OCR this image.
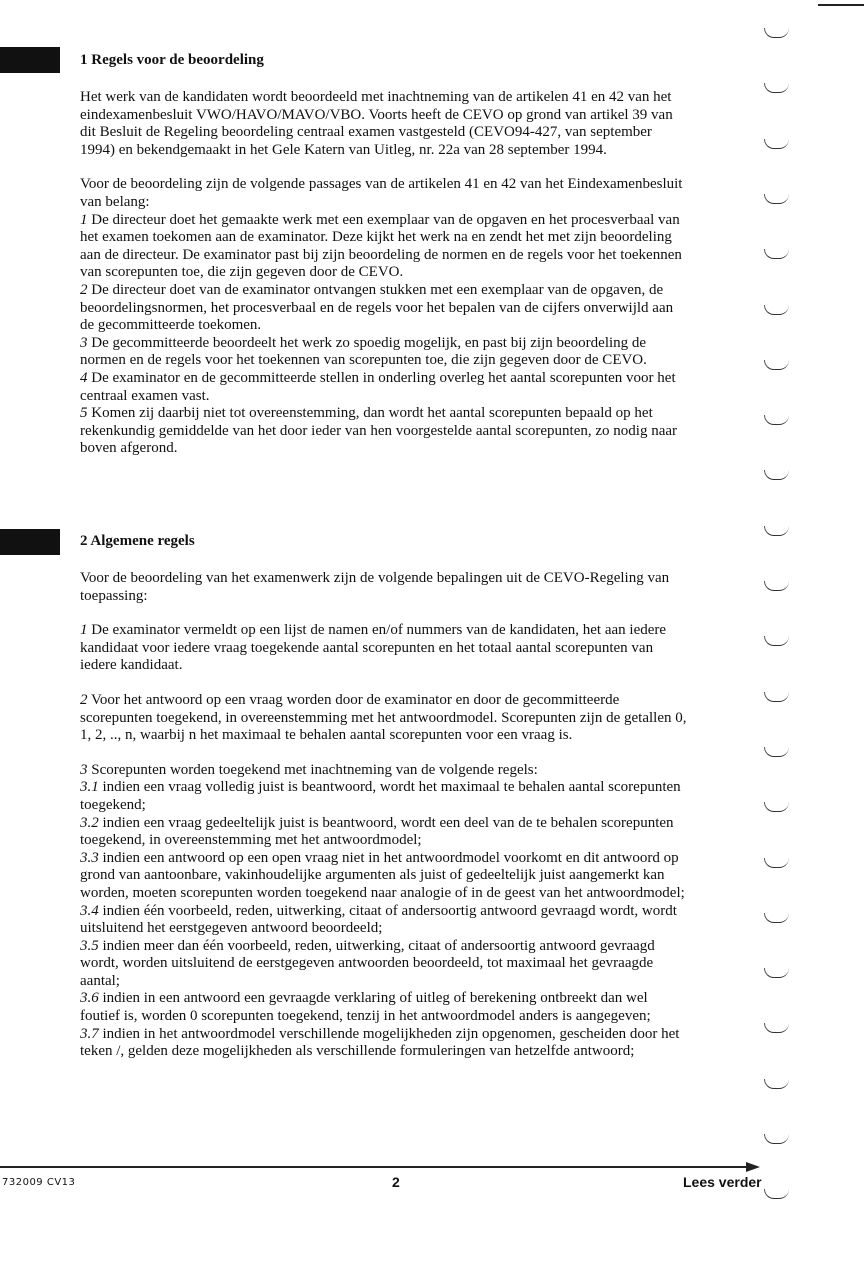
1 Regels voor de beoordeling

Het werk van de kandidaten wordt beoordeeld met inachtneming van de artikelen 41 en 42 van het eindexamenbesluit VWO/HAVO/MAVO/VBO. Voorts heeft de CEVO op grond van artikel 39 van dit Besluit de Regeling beoordeling centraal examen vastgesteld (CEVO94-427, van september 1994) en bekendgemaakt in het Gele Katern van Uitleg, nr. 22a van 28 september 1994.

Voor de beoordeling zijn de volgende passages van de artikelen 41 en 42 van het Eindexamenbesluit van belang:

1 De directeur doet het gemaakte werk met een exemplaar van de opgaven en het procesverbaal van het examen toekomen aan de examinator. Deze kijkt het werk na en zendt het met zijn beoordeling aan de directeur. De examinator past bij zijn beoordeling de normen en de regels voor het toekennen van scorepunten toe, die zijn gegeven door de CEVO.

2 De directeur doet van de examinator ontvangen stukken met een exemplaar van de opgaven, de beoordelingsnormen, het procesverbaal en de regels voor het bepalen van de cijfers onverwijld aan de gecommitteerde toekomen.

3 De gecommitteerde beoordeelt het werk zo spoedig mogelijk, en past bij zijn beoordeling de normen en de regels voor het toekennen van scorepunten toe, die zijn gegeven door de CEVO.

4 De examinator en de gecommitteerde stellen in onderling overleg het aantal scorepunten voor het centraal examen vast.

5 Komen zij daarbij niet tot overeenstemming, dan wordt het aantal scorepunten bepaald op het rekenkundig gemiddelde van het door ieder van hen voorgestelde aantal scorepunten, zo nodig naar boven afgerond.

2 Algemene regels

Voor de beoordeling van het examenwerk zijn de volgende bepalingen uit de CEVO-Regeling van toepassing:

1 De examinator vermeldt op een lijst de namen en/of nummers van de kandidaten, het aan iedere kandidaat voor iedere vraag toegekende aantal scorepunten en het totaal aantal scorepunten van iedere kandidaat.

2 Voor het antwoord op een vraag worden door de examinator en door de gecommitteerde scorepunten toegekend, in overeenstemming met het antwoordmodel. Scorepunten zijn de getallen 0, 1, 2, .., n, waarbij n het maximaal te behalen aantal scorepunten voor een vraag is.

3 Scorepunten worden toegekend met inachtneming van de volgende regels:

3.1 indien een vraag volledig juist is beantwoord, wordt het maximaal te behalen aantal scorepunten toegekend;

3.2 indien een vraag gedeeltelijk juist is beantwoord, wordt een deel van de te behalen scorepunten toegekend, in overeenstemming met het antwoordmodel;

3.3 indien een antwoord op een open vraag niet in het antwoordmodel voorkomt en dit antwoord op grond van aantoonbare, vakinhoudelijke argumenten als juist of gedeeltelijk juist aangemerkt kan worden, moeten scorepunten worden toegekend naar analogie of in de geest van het antwoordmodel;

3.4 indien één voorbeeld, reden, uitwerking, citaat of andersoortig antwoord gevraagd wordt, wordt uitsluitend het eerstgegeven antwoord beoordeeld;

3.5 indien meer dan één voorbeeld, reden, uitwerking, citaat of andersoortig antwoord gevraagd wordt, worden uitsluitend de eerstgegeven antwoorden beoordeeld, tot maximaal het gevraagde aantal;

3.6 indien in een antwoord een gevraagde verklaring of uitleg of berekening ontbreekt dan wel foutief is, worden 0 scorepunten toegekend, tenzij in het antwoordmodel anders is aangegeven;

3.7 indien in het antwoordmodel verschillende mogelijkheden zijn opgenomen, gescheiden door het teken /, gelden deze mogelijkheden als verschillende formuleringen van hetzelfde antwoord;

732009 CV13	2	Lees verder
